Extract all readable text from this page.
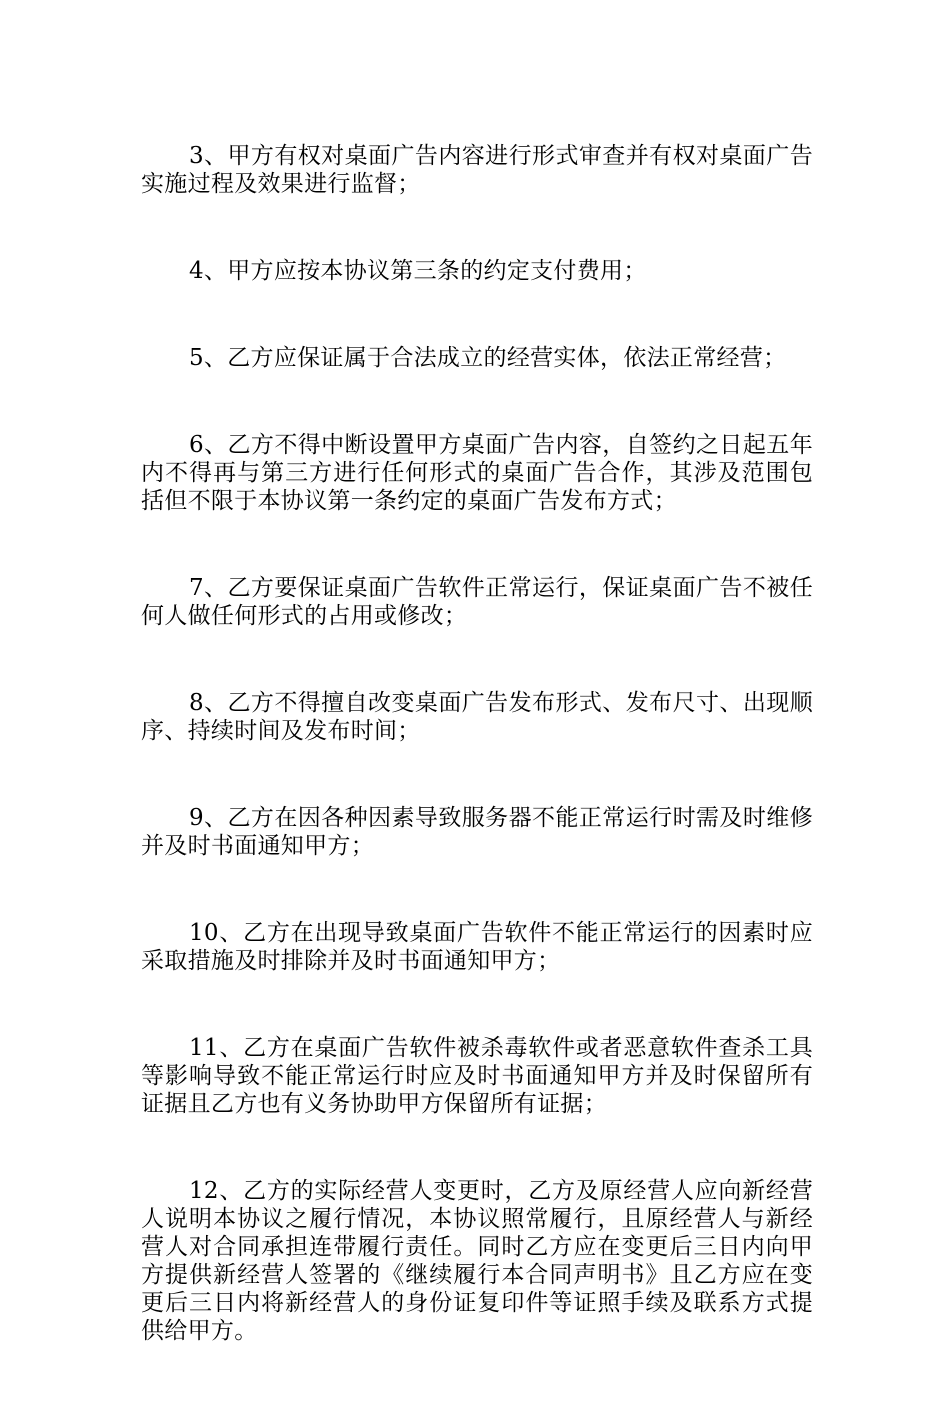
3、甲方有权对桌面广告内容进行形式审查并有权对桌面广告实施过程及效果进行监督；

4、甲方应按本协议第三条的约定支付费用；

5、乙方应保证属于合法成立的经营实体，依法正常经营；

6、乙方不得中断设置甲方桌面广告内容，自签约之日起五年内不得再与第三方进行任何形式的桌面广告合作，其涉及范围包括但不限于本协议第一条约定的桌面广告发布方式；

7、乙方要保证桌面广告软件正常运行，保证桌面广告不被任何人做任何形式的占用或修改；

8、乙方不得擅自改变桌面广告发布形式、发布尺寸、出现顺序、持续时间及发布时间；

9、乙方在因各种因素导致服务器不能正常运行时需及时维修并及时书面通知甲方；

10、乙方在出现导致桌面广告软件不能正常运行的因素时应采取措施及时排除并及时书面通知甲方；

11、乙方在桌面广告软件被杀毒软件或者恶意软件查杀工具等影响导致不能正常运行时应及时书面通知甲方并及时保留所有证据且乙方也有义务协助甲方保留所有证据；

12、乙方的实际经营人变更时，乙方及原经营人应向新经营人说明本协议之履行情况，本协议照常履行，且原经营人与新经营人对合同承担连带履行责任。同时乙方应在变更后三日内向甲方提供新经营人签署的《继续履行本合同声明书》且乙方应在变更后三日内将新经营人的身份证复印件等证照手续及联系方式提供给甲方。
